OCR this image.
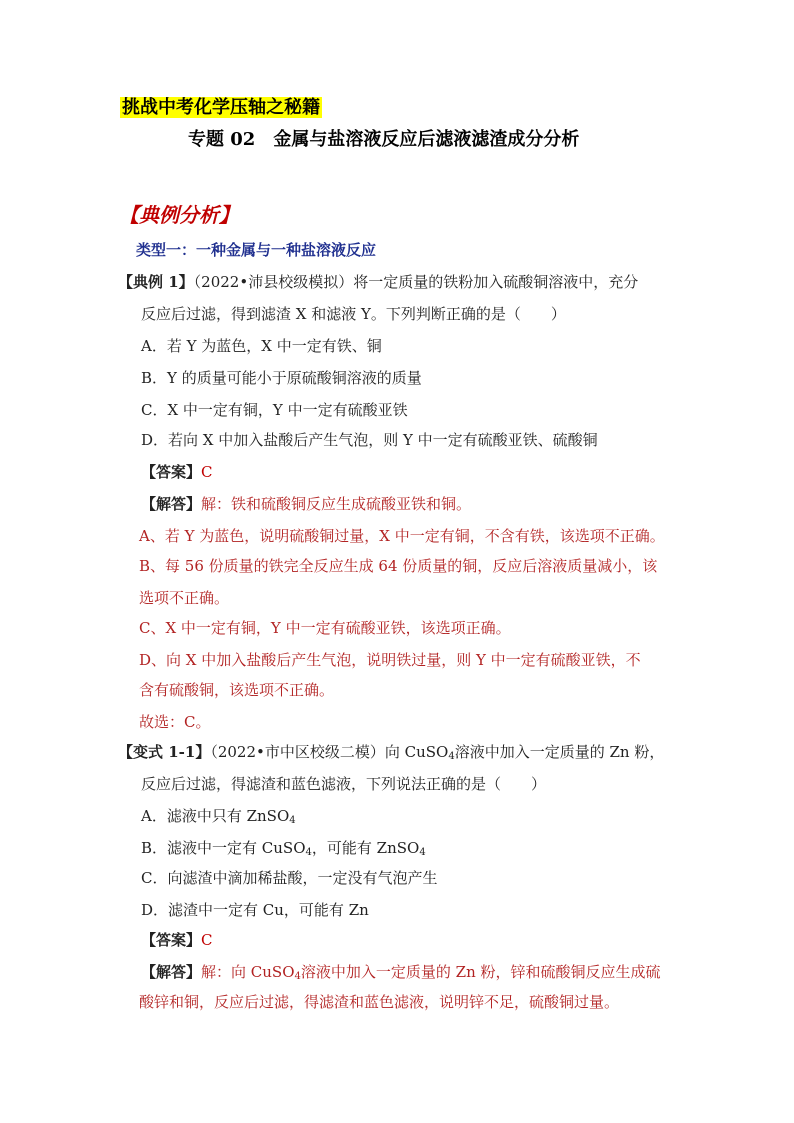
挑战中考化学压轴之秘籍
专题 02　金属与盐溶液反应后滤液滤渣成分分析
【典例分析】
类型一：一种金属与一种盐溶液反应
【典例 1】（2022•沛县校级模拟）将一定质量的铁粉加入硫酸铜溶液中，充分
反应后过滤，得到滤渣 X 和滤液 Y。下列判断正确的是（　　）
A．若 Y 为蓝色，X 中一定有铁、铜
B．Y 的质量可能小于原硫酸铜溶液的质量
C．X 中一定有铜，Y 中一定有硫酸亚铁
D．若向 X 中加入盐酸后产生气泡，则 Y 中一定有硫酸亚铁、硫酸铜
【答案】C
【解答】解：铁和硫酸铜反应生成硫酸亚铁和铜。
A、若 Y 为蓝色，说明硫酸铜过量，X 中一定有铜，不含有铁，该选项不正确。
B、每 56 份质量的铁完全反应生成 64 份质量的铜，反应后溶液质量减小，该
选项不正确。
C、X 中一定有铜，Y 中一定有硫酸亚铁，该选项正确。
D、向 X 中加入盐酸后产生气泡，说明铁过量，则 Y 中一定有硫酸亚铁，不
含有硫酸铜，该选项不正确。
故选：C。
【变式 1-1】（2022•市中区校级二模）向 CuSO$_4$溶液中加入一定质量的 Zn 粉，
反应后过滤，得滤渣和蓝色滤液，下列说法正确的是（　　）
A．滤液中只有 ZnSO$_4$
B．滤液中一定有 CuSO$_4$，可能有 ZnSO$_4$
C．向滤渣中滴加稀盐酸，一定没有气泡产生
D．滤渣中一定有 Cu，可能有 Zn
【答案】C
【解答】解：向 CuSO$_4$溶液中加入一定质量的 Zn 粉，锌和硫酸铜反应生成硫
酸锌和铜，反应后过滤，得滤渣和蓝色滤液，说明锌不足，硫酸铜过量。
